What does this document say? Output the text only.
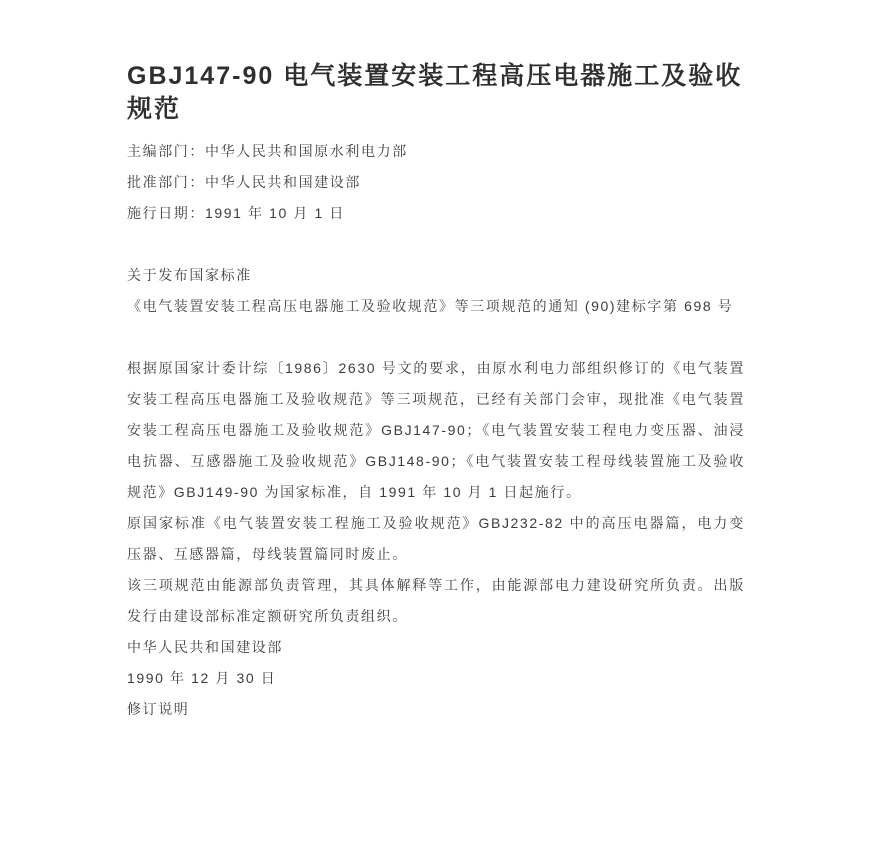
GBJ147-90 电气装置安装工程高压电器施工及验收规范

主编部门：中华人民共和国原水利电力部

批准部门：中华人民共和国建设部

施行日期：1991 年 10 月 1 日

关于发布国家标准

《电气装置安装工程高压电器施工及验收规范》等三项规范的通知 (90)建标字第 698 号

根据原国家计委计综〔1986〕2630 号文的要求，由原水利电力部组织修订的《电气装置安装工程高压电器施工及验收规范》等三项规范，已经有关部门会审，现批准《电气装置安装工程高压电器施工及验收规范》GBJ147-90；《电气装置安装工程电力变压器、油浸电抗器、互感器施工及验收规范》GBJ148-90；《电气装置安装工程母线装置施工及验收规范》GBJ149-90 为国家标准，自 1991 年 10 月 1 日起施行。

原国家标准《电气装置安装工程施工及验收规范》GBJ232-82 中的高压电器篇，电力变压器、互感器篇，母线装置篇同时废止。

该三项规范由能源部负责管理，其具体解释等工作，由能源部电力建设研究所负责。出版发行由建设部标准定额研究所负责组织。

中华人民共和国建设部

1990 年 12 月 30 日

修订说明
